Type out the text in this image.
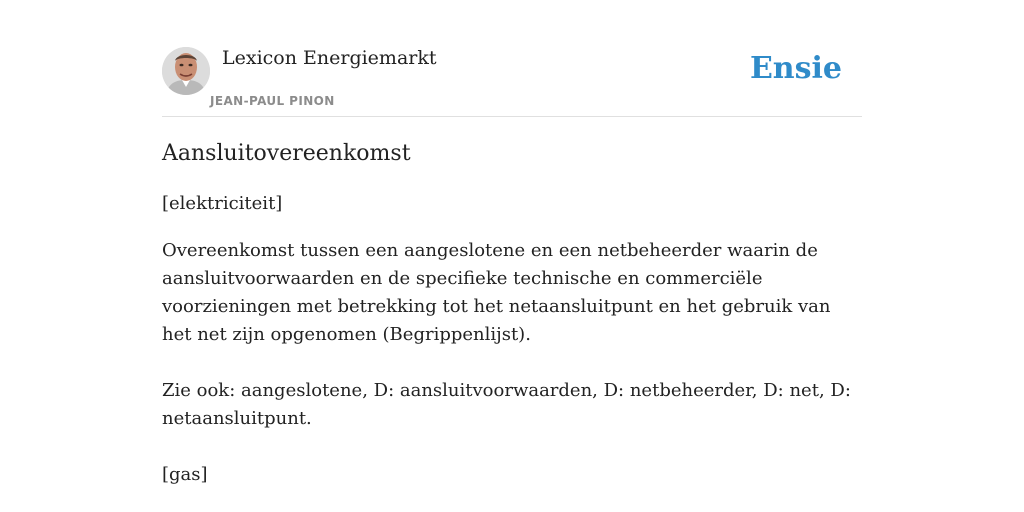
Lexicon Energiemarkt
JEAN-PAUL PINON
Ensie
Aansluitovereenkomst
[elektriciteit]
Overeenkomst tussen een aangeslotene en een netbeheerder waarin de aansluitvoorwaarden en de specifieke technische en commerciële voorzieningen met betrekking tot het netaansluitpunt en het gebruik van het net zijn opgenomen (Begrippenlijst).
Zie ook: aangeslotene, D: aansluitvoorwaarden, D: netbeheerder, D: net, D: netaansluitpunt.
[gas]
